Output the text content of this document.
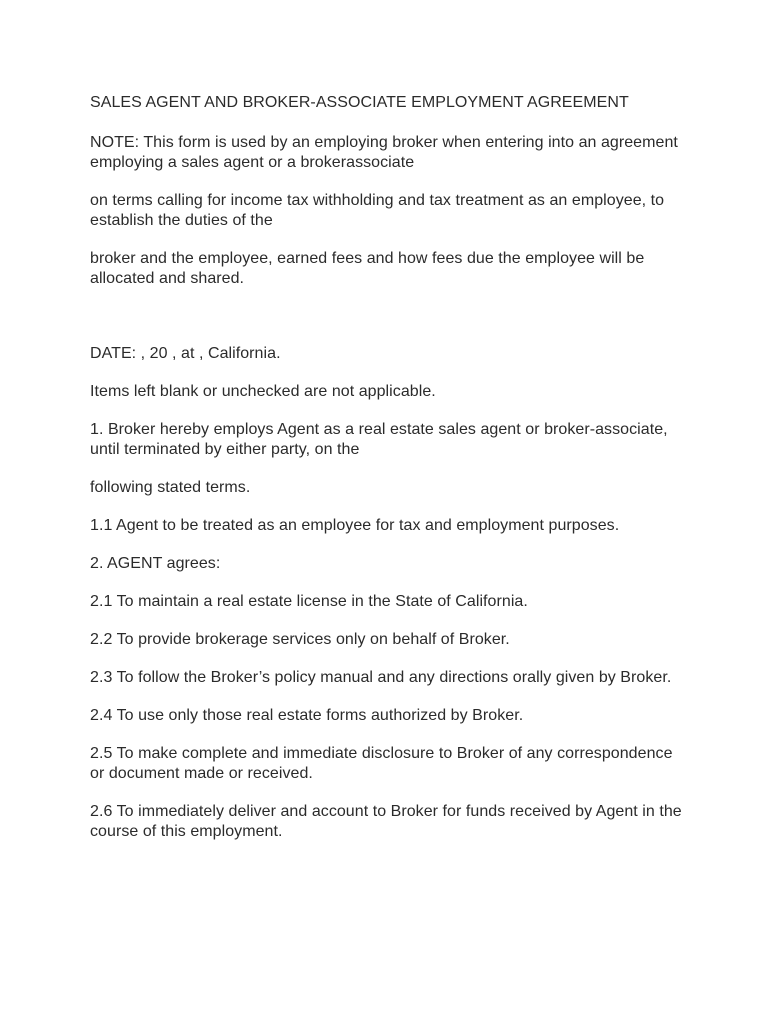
SALES AGENT AND BROKER-ASSOCIATE EMPLOYMENT AGREEMENT

NOTE: This form is used by an employing broker when entering into an agreement employing a sales agent or a brokerassociate

on terms calling for income tax withholding and tax treatment as an employee, to establish the duties of the

broker and the employee, earned fees and how fees due the employee will be allocated and shared.

DATE: , 20 , at , California.

Items left blank or unchecked are not applicable.

1. Broker hereby employs Agent as a real estate sales agent or broker-associate, until terminated by either party, on the

following stated terms.

1.1 Agent to be treated as an employee for tax and employment purposes.

2. AGENT agrees:

2.1 To maintain a real estate license in the State of California.

2.2 To provide brokerage services only on behalf of Broker.

2.3 To follow the Broker’s policy manual and any directions orally given by Broker.

2.4 To use only those real estate forms authorized by Broker.

2.5 To make complete and immediate disclosure to Broker of any correspondence or document made or received.

2.6 To immediately deliver and account to Broker for funds received by Agent in the course of this employment.
